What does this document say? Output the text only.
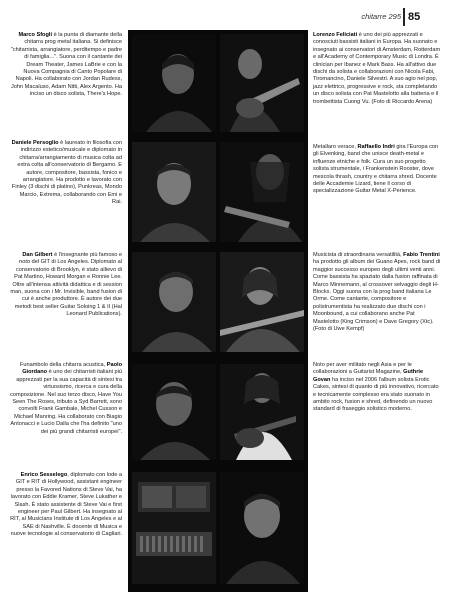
chitarre 295 85

Marco Sfogli è la punta di diamante della chitarra prog metal italiana. Si definisce "chitarrista, arrangiatore, perditempo e padre di famiglia...". Suona con il cantante dei Dream Theater, James LaBrie e con la Nuova Compagnia di Canto Popolare di Napoli. Ha collaborato con Jordan Rudess, John Macaluso, Adam Nitti, Alex Argento. Ha inciso un disco solista, There's Hope.

Daniele Persoglio è laureato in filosofia con indirizzo estetico/musicale e diplomato in chitarra/arrangiamento di musica colta ad extra colta all'conservatorio di Bergamo. E autore, compositore, bassista, fonico e arrangiatore. Ha prodotto e lavorato con Finley (3 dischi di platino), Punkreas, Mondo Marcio, Extrema, collaborando con Emi e Rai.

Dan Gilbert è l'insegnante più famoso e noto del GIT di Los Angeles. Diplomato al conservatorio di Brooklyn, è stato allievo di Pat Martino, Howard Morgan e Ronnie Lee. Oltre all'intensa attività didattica e di session man, suona con i Mr. Invisible, band fusion di cui è anche produttore. È autore dei due metodi best seller Guitar Soloing 1 & II (Hal Leonard Publications).

Funambolo della chitarra acustica, Paolo Giordano è uno dei chitarristi italiani più apprezzati per la sua capacità di sintesi tra virtuosismo, ricerca e cura della composizione. Nel suo terzo disco, Have You Seen The Roses, tributo a Syd Barrett, sono convolti Frank Gambale, Michel Cusson e Michael Manring. Ha collaborato con Biagio Antonacci e Lucio Dalla che l'ha definito "uno dei più grandi chitarristi europei".

Enrico Sesselego, diplomato con lode a GIT e RIT di Hollywood, assistant engineer presso la Favored Nations di Steve Vai, ha lavorato con Eddie Kramer, Steve Lukather e Slash. È stato assistente di Steve Vai e first engineer per Paul Gilbert. Ha insegnato al RIT, al Musicians Institute di Los Angeles e al SAE di Nashville. È docente di Musica e nuove tecnologie al conservatorio di Cagliari.

Lorenzo Feliciati è uno dei più apprezzati e conosciuti bassisti italiani in Europa. Ha suonato e insegnato ai conservatori di Amsterdam, Rotterdam e all'Academy of Contemporary Music di Londra. È clinician per Ibanez e Mark Bass. Ha all'attivo due dischi da solista e collaborazioni con Nicola Fabi, Tiromancino, Daniele Silvestri. A suo agio nel pop, jazz elettrico, progressive e rock, sta completando un disco solista con Pat Mastelotto alla batteria e il trombettista Cuong Vu. (Foto di Riccardo Arena)

Metallaro verace, Raffaello Indri gira l'Europa con gli Elvenking, band che unisce death-metal e influenze etniche e folk. Cura un suo progetto solista strumentale, i Frankenstein Rooster, dove mescola thrash, country e chitarra shred. Docente delle Accademie Lizard, tiene il corso di specializzazione Guitar Metal X-Perience.

Musicista di straordinaria versatilità, Fabio Trentini ha prodotto gli album dei Guano Apes, rock band di maggior successo europeo degli ultimi venti anni. Come bassista ha spaziato dalla fusion raffinata di Marco Minnemann, al crossover selvaggio degli H-Blockx. Oggi suona con la prog band italiana Le Orme. Come cantante, compositore e polistrumentista ha realizzato due dischi con i Moonbound, a cui collaborano anche Pat Mastelotto (King Crimson) e Dave Gregory (Xtc). (Foto di Uwe Kempf)

Noto per aver militato negli Asia e per le collaborazioni a Guitarist Magazine, Guthrie Govan ha inciso nel 2006 l'album solista Erotic Cakes, sintesi di quanto di più innovativo, ricercato e tecnicamente complesso era stato suonato in ambito rock, fusion e shred, definendo un nuovo standard di fraseggio solistico moderno.
